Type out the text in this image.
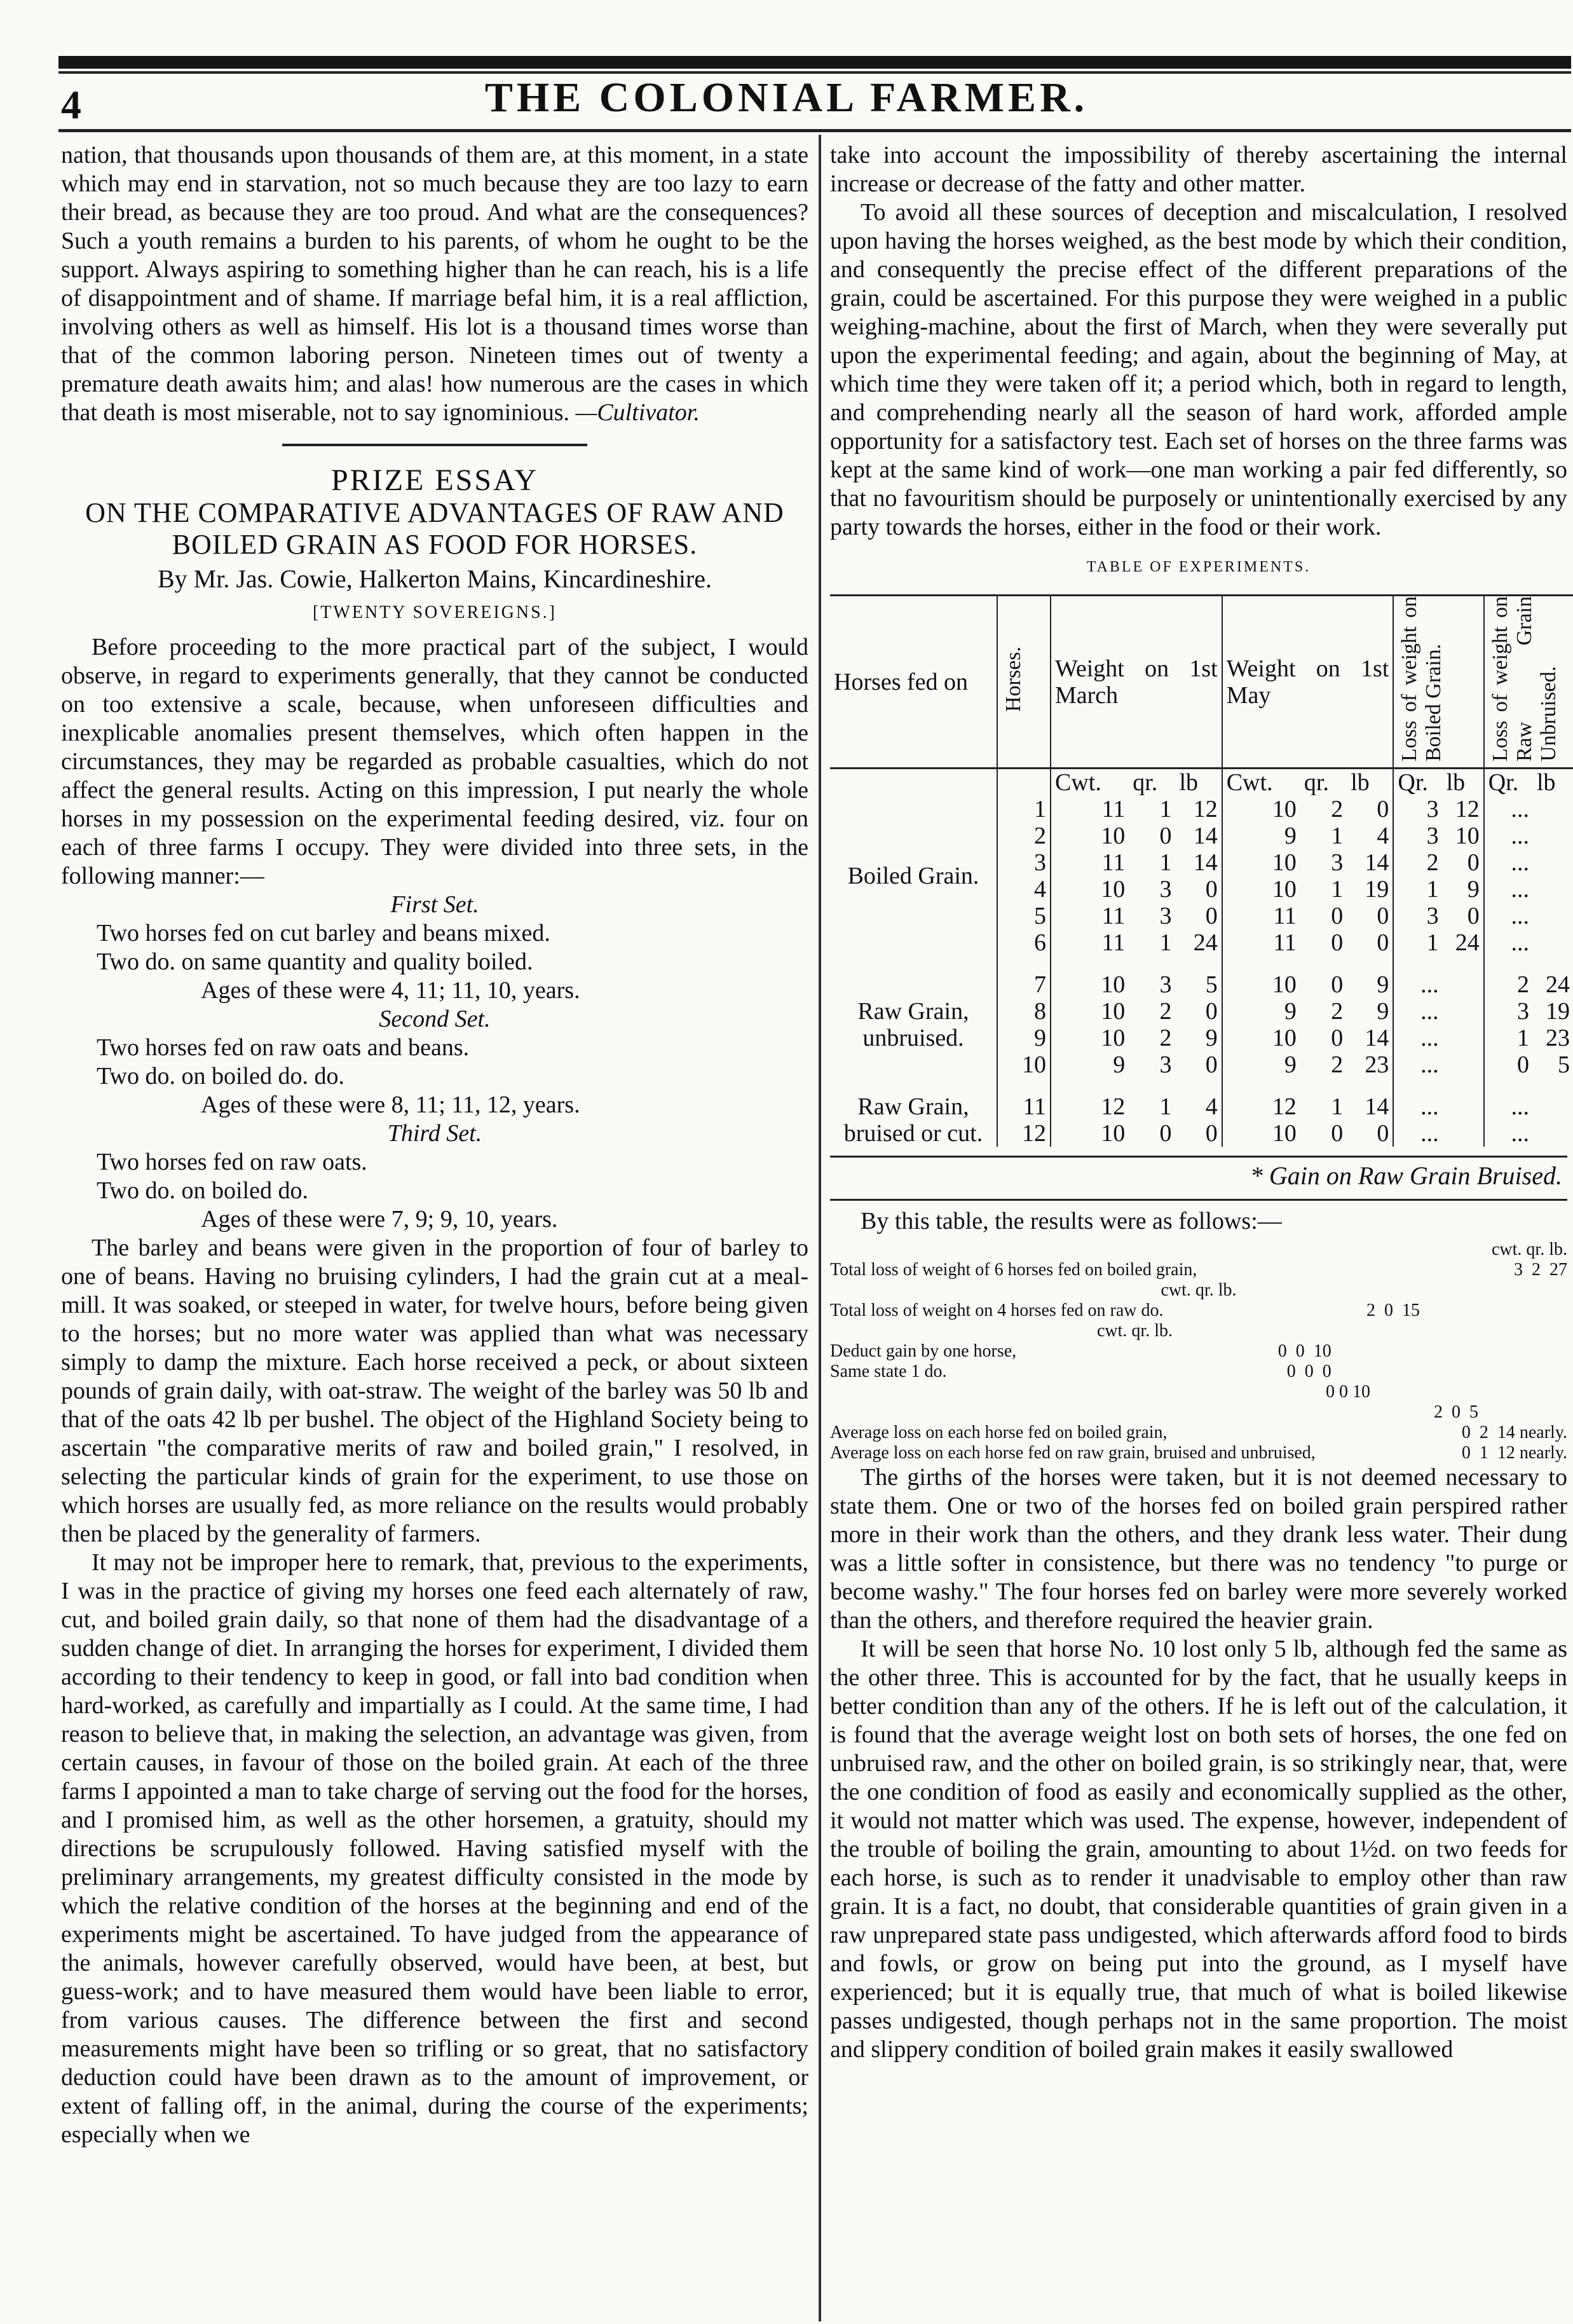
4	THE COLONIAL FARMER.

nation, that thousands upon thousands of them are, at this moment, in a state which may end in starvation, not so much because they are too lazy to earn their bread, as because they are too proud. And what are the consequences? Such a youth remains a burden to his parents, of whom he ought to be the support. Always aspiring to something higher than he can reach, his is a life of disappointment and of shame. If marriage befal him, it is a real affliction, involving others as well as himself. His lot is a thousand times worse than that of the common laboring person. Nineteen times out of twenty a premature death awaits him; and alas! how numerous are the cases in which that death is most miserable, not to say ignominious. —Cultivator.

PRIZE ESSAY
ON THE COMPARATIVE ADVANTAGES OF RAW AND BOILED GRAIN AS FOOD FOR HORSES.
By Mr. Jas. Cowie, Halkerton Mains, Kincardineshire.
[TWENTY SOVEREIGNS.]

Before proceeding to the more practical part of the subject, I would observe, in regard to experiments generally, that they cannot be conducted on too extensive a scale, because, when unforeseen difficulties and inexplicable anomalies present themselves, which often happen in the circumstances, they may be regarded as probable casualties, which do not affect the general results. Acting on this impression, I put nearly the whole horses in my possession on the experimental feeding desired, viz. four on each of three farms I occupy. They were divided into three sets, in the following manner:—

First Set.
Two horses fed on cut barley and beans mixed.
Two do. on same quantity and quality boiled.
Ages of these were 4, 11; 11, 10, years.
Second Set.
Two horses fed on raw oats and beans.
Two do. on boiled do. do.
Ages of these were 8, 11; 11, 12, years.
Third Set.
Two horses fed on raw oats.
Two do. on boiled do.
Ages of these were 7, 9; 9, 10, years.

The barley and beans were given in the proportion of four of barley to one of beans. Having no bruising cylinders, I had the grain cut at a meal-mill. It was soaked, or steeped in water, for twelve hours, before being given to the horses; but no more water was applied than what was necessary simply to damp the mixture. Each horse received a peck, or about sixteen pounds of grain daily, with oat-straw. The weight of the barley was 50 lb and that of the oats 42 lb per bushel. The object of the Highland Society being to ascertain "the comparative merits of raw and boiled grain," I resolved, in selecting the particular kinds of grain for the experiment, to use those on which horses are usually fed, as more reliance on the results would probably then be placed by the generality of farmers.

It may not be improper here to remark, that, previous to the experiments, I was in the practice of giving my horses one feed each alternately of raw, cut, and boiled grain daily, so that none of them had the disadvantage of a sudden change of diet. In arranging the horses for experiment, I divided them according to their tendency to keep in good, or fall into bad condition when hard-worked, as carefully and impartially as I could. At the same time, I had reason to believe that, in making the selection, an advantage was given, from certain causes, in favour of those on the boiled grain. At each of the three farms I appointed a man to take charge of serving out the food for the horses, and I promised him, as well as the other horsemen, a gratuity, should my directions be scrupulously followed. Having satisfied myself with the preliminary arrangements, my greatest difficulty consisted in the mode by which the relative condition of the horses at the beginning and end of the experiments might be ascertained. To have judged from the appearance of the animals, however carefully observed, would have been, at best, but guess-work; and to have measured them would have been liable to error, from various causes. The difference between the first and second measurements might have been so trifling or so great, that no satisfactory deduction could have been drawn as to the amount of improvement, or extent of falling off, in the animal, during the course of the experiments; especially when we

take into account the impossibility of thereby ascertaining the internal increase or decrease of the fatty and other matter.

To avoid all these sources of deception and miscalculation, I resolved upon having the horses weighed, as the best mode by which their condition, and consequently the precise effect of the different preparations of the grain, could be ascertained. For this purpose they were weighed in a public weighing-machine, about the first of March, when they were severally put upon the experimental feeding; and again, about the beginning of May, at which time they were taken off it; a period which, both in regard to length, and comprehending nearly all the season of hard work, afforded ample opportunity for a satisfactory test. Each set of horses on the three farms was kept at the same kind of work—one man working a pair fed differently, so that no favouritism should be purposely or unintentionally exercised by any party towards the horses, either in the food or their work.

TABLE OF EXPERIMENTS.
Horses fed on	Horses.	Weight on 1st March			Weight on 1st May			Loss of weight on Boiled Grain.		Loss of weight on Raw Grain Unbruised.	
		Cwt.	qr.	lb	Cwt.	qr.	lb	Qr.	lb	Qr.	lb
Boiled Grain.	1	11	1	12	10	2	0	3	12	...	
	2	10	0	14	9	1	4	3	10	...	
	3	11	1	14	10	3	14	2	0	...	
	4	10	3	0	10	1	19	1	9	...	
	5	11	3	0	11	0	0	3	0	...	
	6	11	1	24	11	0	0	1	24	...	

Raw Grain, unbruised.	7	10	3	5	10	0	9	...		2	24
	8	10	2	0	9	2	9	...		3	19
	9	10	2	9	10	0	14	...		1	23
	10	9	3	0	9	2	23	...		0	5

Raw Grain, bruised or cut.	11	12	1	4	12	1	14	...		...	
	12	10	0	0	10	0	0	...		...	
* Gain on Raw Grain Bruised.
By this table, the results were as follows:—
cwt. qr. lb.
Total loss of weight of 6 horses fed on boiled grain,	3  2  27
cwt. qr. lb.
Total loss of weight on 4 horses fed on raw do.	2  0  15
cwt. qr. lb.
Deduct gain by one horse,	0  0  10
Same state 1 do.	0  0  0
0 0 10
2  0  5
Average loss on each horse fed on boiled grain,	0  2  14 nearly.
Average loss on each horse fed on raw grain, bruised and unbruised,	0  1  12 nearly.

The girths of the horses were taken, but it is not deemed necessary to state them. One or two of the horses fed on boiled grain perspired rather more in their work than the others, and they drank less water. Their dung was a little softer in consistence, but there was no tendency "to purge or become washy." The four horses fed on barley were more severely worked than the others, and therefore required the heavier grain.

It will be seen that horse No. 10 lost only 5 lb, although fed the same as the other three. This is accounted for by the fact, that he usually keeps in better condition than any of the others. If he is left out of the calculation, it is found that the average weight lost on both sets of horses, the one fed on unbruised raw, and the other on boiled grain, is so strikingly near, that, were the one condition of food as easily and economically supplied as the other, it would not matter which was used. The expense, however, independent of the trouble of boiling the grain, amounting to about 1½d. on two feeds for each horse, is such as to render it unadvisable to employ other than raw grain. It is a fact, no doubt, that considerable quantities of grain given in a raw unprepared state pass undigested, which afterwards afford food to birds and fowls, or grow on being put into the ground, as I myself have experienced; but it is equally true, that much of what is boiled likewise passes undigested, though perhaps not in the same proportion. The moist and slippery condition of boiled grain makes it easily swallowed
